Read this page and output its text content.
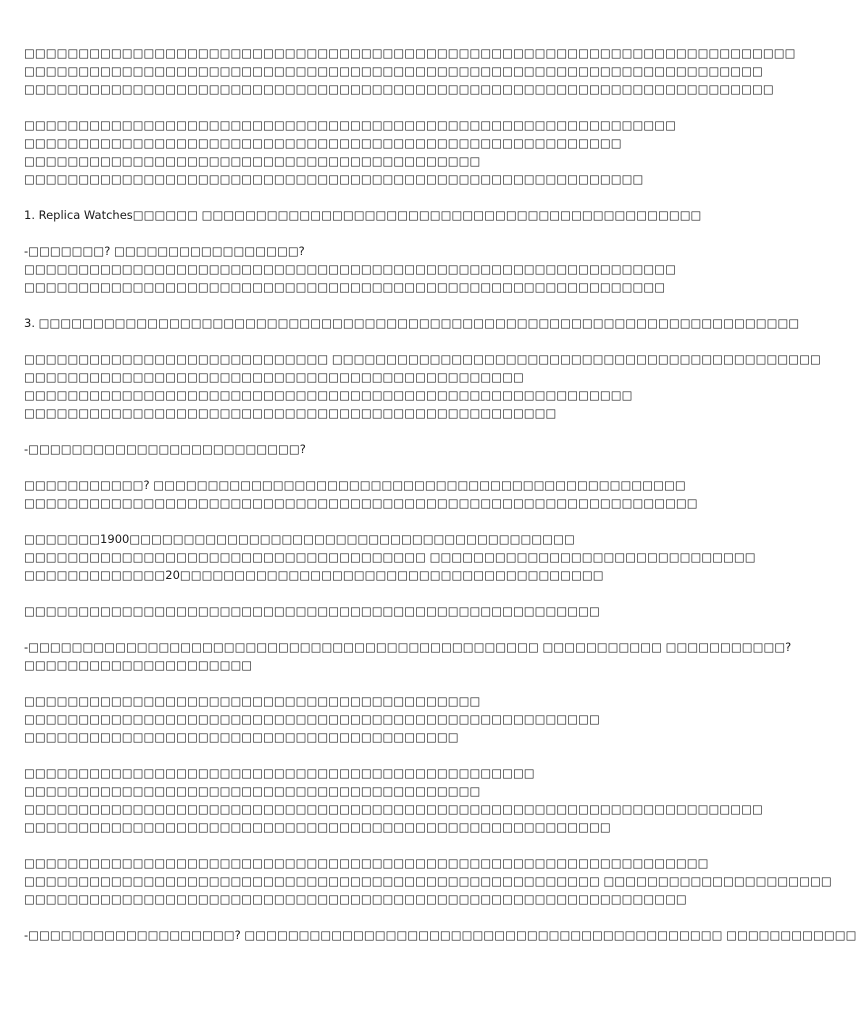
□□□□□□□□□□□□□□□□□□□□□□□□□□□□□□□□□□□□□□□□□□□□□□□□□□□□□□□□□□□□□□□□□□□□□□□
□□□□□□□□□□□□□□□□□□□□□□□□□□□□□□□□□□□□□□□□□□□□□□□□□□□□□□□□□□□□□□□□□□□□
□□□□□□□□□□□□□□□□□□□□□□□□□□□□□□□□□□□□□□□□□□□□□□□□□□□□□□□□□□□□□□□□□□□□□
□□□□□□□□□□□□□□□□□□□□□□□□□□□□□□□□□□□□□□□□□□□□□□□□□□□□□□□□□□□□
□□□□□□□□□□□□□□□□□□□□□□□□□□□□□□□□□□□□□□□□□□□□□□□□□□□□□□□
□□□□□□□□□□□□□□□□□□□□□□□□□□□□□□□□□□□□□□□□□□
□□□□□□□□□□□□□□□□□□□□□□□□□□□□□□□□□□□□□□□□□□□□□□□□□□□□□□□□□
1. Replica Watches□□□□□□ □□□□□□□□□□□□□□□□□□□□□□□□□□□□□□□□□□□□□□□□□□□□□□
-□□□□□□□? □□□□□□□□□□□□□□□□□?
□□□□□□□□□□□□□□□□□□□□□□□□□□□□□□□□□□□□□□□□□□□□□□□□□□□□□□□□□□□□
□□□□□□□□□□□□□□□□□□□□□□□□□□□□□□□□□□□□□□□□□□□□□□□□□□□□□□□□□□□
3. □□□□□□□□□□□□□□□□□□□□□□□□□□□□□□□□□□□□□□□□□□□□□□□□□□□□□□□□□□□□□□□□□□□□□□
□□□□□□□□□□□□□□□□□□□□□□□□□□□□ □□□□□□□□□□□□□□□□□□□□□□□□□□□□□□□□□□□□□□□□□□□□□
□□□□□□□□□□□□□□□□□□□□□□□□□□□□□□□□□□□□□□□□□□□□□□
□□□□□□□□□□□□□□□□□□□□□□□□□□□□□□□□□□□□□□□□□□□□□□□□□□□□□□□□
□□□□□□□□□□□□□□□□□□□□□□□□□□□□□□□□□□□□□□□□□□□□□□□□□
-□□□□□□□□□□□□□□□□□□□□□□□□□?
□□□□□□□□□□□? □□□□□□□□□□□□□□□□□□□□□□□□□□□□□□□□□□□□□□□□□□□□□□□□□
□□□□□□□□□□□□□□□□□□□□□□□□□□□□□□□□□□□□□□□□□□□□□□□□□□□□□□□□□□□□□□
□□□□□□□1900□□□□□□□□□□□□□□□□□□□□□□□□□□□□□□□□□□□□□□□□□
□□□□□□□□□□□□□□□□□□□□□□□□□□□□□□□□□□□□□ □□□□□□□□□□□□□□□□□□□□□□□□□□□□□□
□□□□□□□□□□□□□20□□□□□□□□□□□□□□□□□□□□□□□□□□□□□□□□□□□□□□□
□□□□□□□□□□□□□□□□□□□□□□□□□□□□□□□□□□□□□□□□□□□□□□□□□□□□□
-□□□□□□□□□□□□□□□□□□□□□□□□□□□□□□□□□□□□□□□□□□□□□□□ □□□□□□□□□□□ □□□□□□□□□□□?
□□□□□□□□□□□□□□□□□□□□□
□□□□□□□□□□□□□□□□□□□□□□□□□□□□□□□□□□□□□□□□□□
□□□□□□□□□□□□□□□□□□□□□□□□□□□□□□□□□□□□□□□□□□□□□□□□□□□□□
□□□□□□□□□□□□□□□□□□□□□□□□□□□□□□□□□□□□□□□□
□□□□□□□□□□□□□□□□□□□□□□□□□□□□□□□□□□□□□□□□□□□□□□□
□□□□□□□□□□□□□□□□□□□□□□□□□□□□□□□□□□□□□□□□□□
□□□□□□□□□□□□□□□□□□□□□□□□□□□□□□□□□□□□□□□□□□□□□□□□□□□□□□□□□□□□□□□□□□□□
□□□□□□□□□□□□□□□□□□□□□□□□□□□□□□□□□□□□□□□□□□□□□□□□□□□□□□
□□□□□□□□□□□□□□□□□□□□□□□□□□□□□□□□□□□□□□□□□□□□□□□□□□□□□□□□□□□□□□□
□□□□□□□□□□□□□□□□□□□□□□□□□□□□□□□□□□□□□□□□□□□□□□□□□□□□□ □□□□□□□□□□□□□□□□□□□□□
□□□□□□□□□□□□□□□□□□□□□□□□□□□□□□□□□□□□□□□□□□□□□□□□□□□□□□□□□□□□□
-□□□□□□□□□□□□□□□□□□□? □□□□□□□□□□□□□□□□□□□□□□□□□□□□□□□□□□□□□□□□□□□□ □□□□□□□□□□□□
